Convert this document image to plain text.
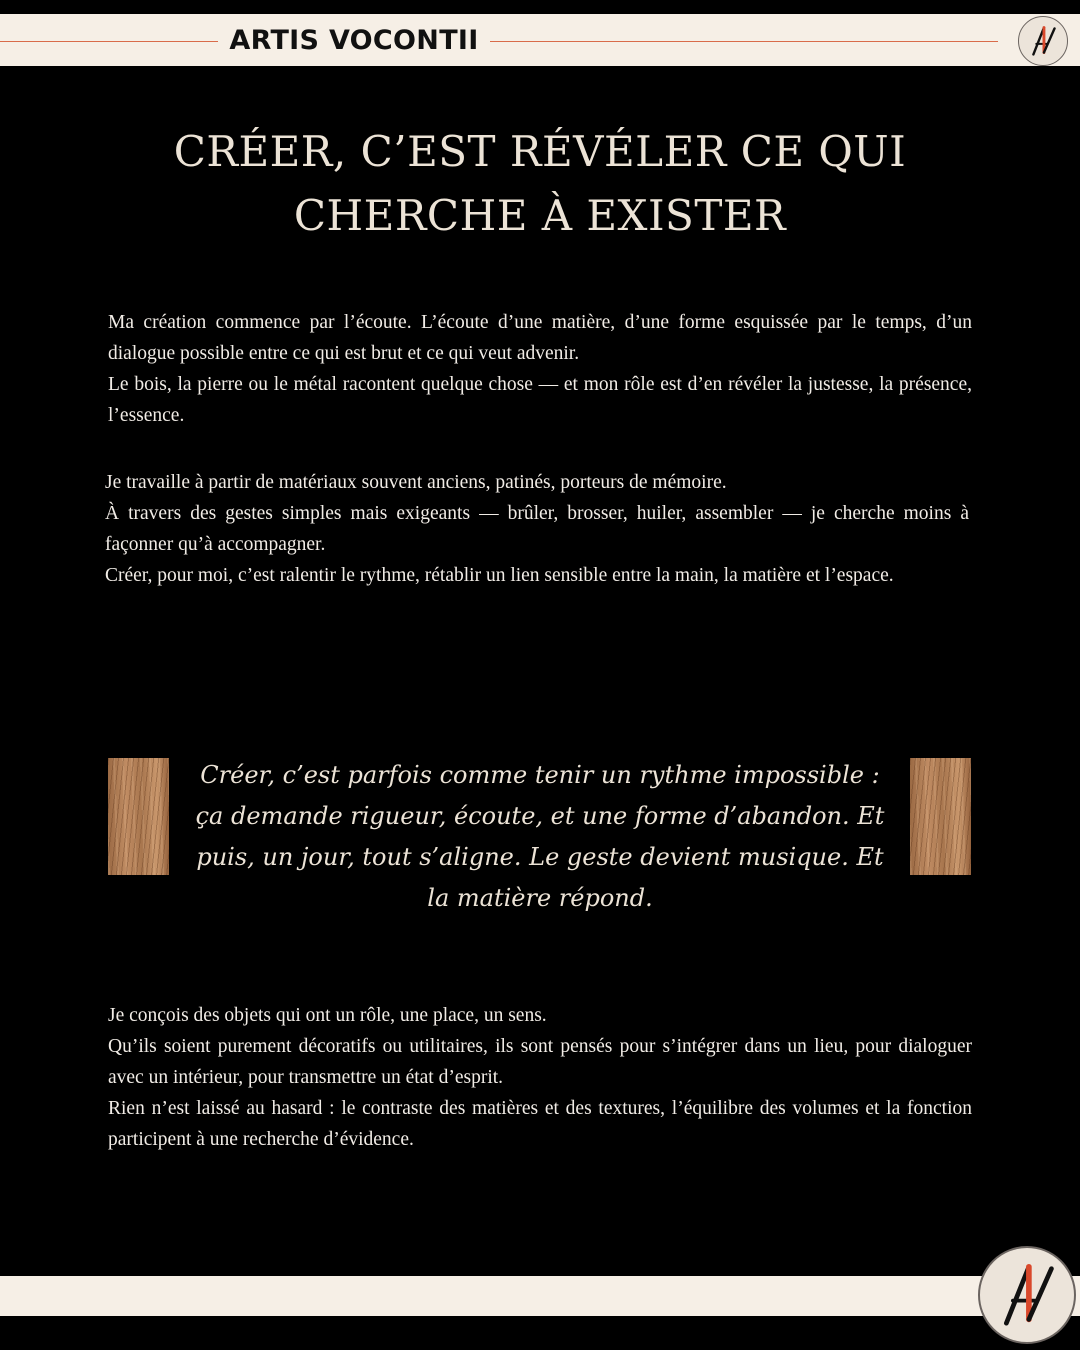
ARTIS VOCONTII
CRÉER, C’EST RÉVÉLER CE QUI
CHERCHE À EXISTER

Ma création commence par l’écoute. L’écoute d’une matière, d’une forme esquissée par le temps, d’un dialogue possible entre ce qui est brut et ce qui veut advenir.

Le bois, la pierre ou le métal racontent quelque chose — et mon rôle est d’en révéler la justesse, la présence, l’essence.

Je travaille à partir de matériaux souvent anciens, patinés, porteurs de mémoire.

À travers des gestes simples mais exigeants — brûler, brosser, huiler, assembler — je cherche moins à façonner qu’à accompagner.

Créer, pour moi, c’est ralentir le rythme, rétablir un lien sensible entre la main, la matière et l’espace.

Créer, c’est parfois comme tenir un rythme impossible : ça demande rigueur, écoute, et une forme d’abandon. Et puis, un jour, tout s’aligne. Le geste devient musique. Et la matière répond.

Je conçois des objets qui ont un rôle, une place, un sens.

Qu’ils soient purement décoratifs ou utilitaires, ils sont pensés pour s’intégrer dans un lieu, pour dialoguer avec un intérieur, pour transmettre un état d’esprit.

Rien n’est laissé au hasard : le contraste des matières et des textures, l’équilibre des volumes et la fonction participent à une recherche d’évidence.
